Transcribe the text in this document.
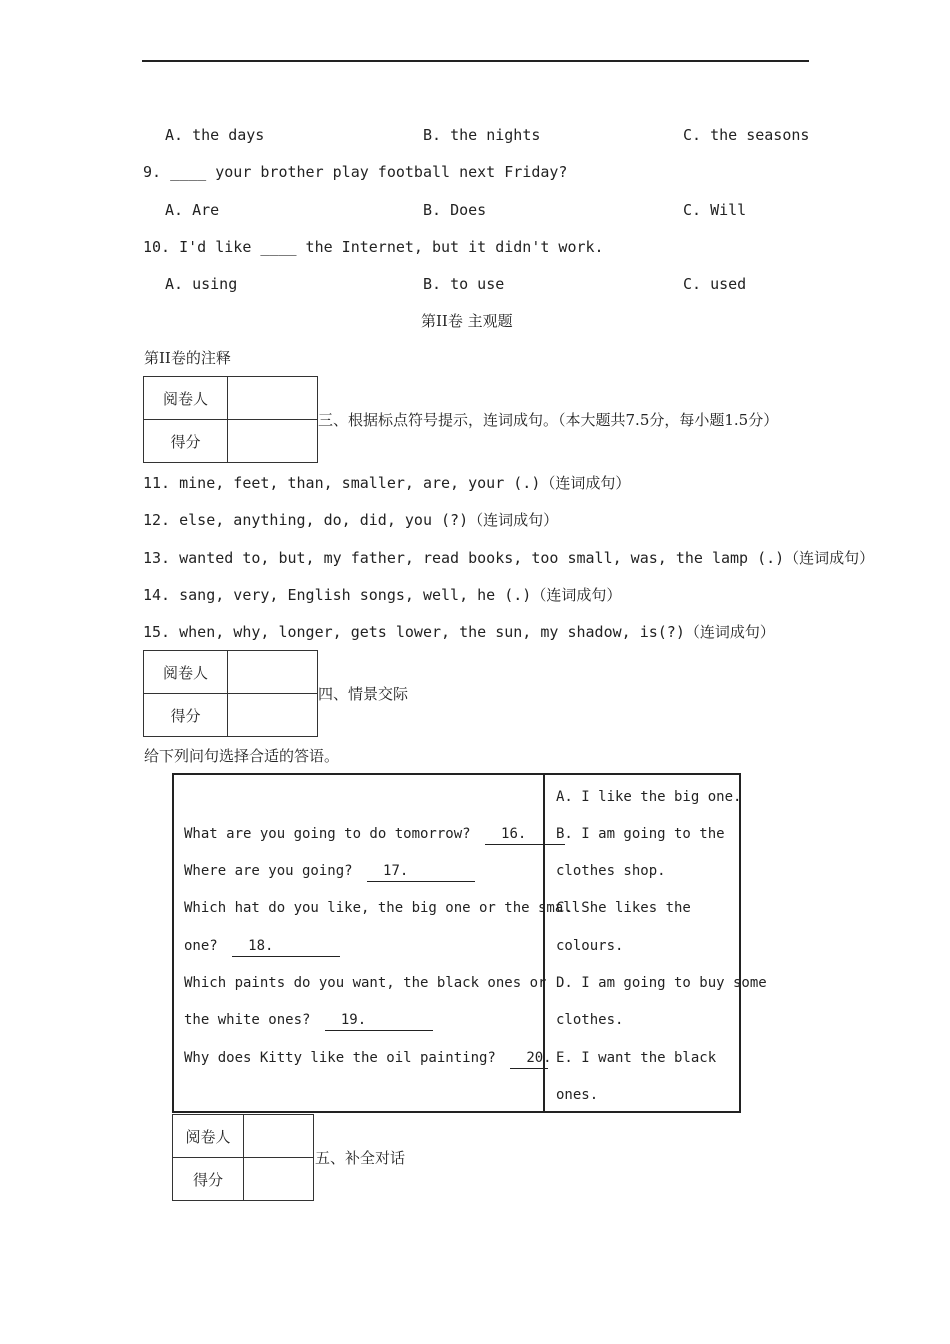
A. the days	B. the nights	C. the seasons
9. ____ your brother play football next Friday?
A. Are	B. Does	C. Will
10. I'd like ____ the Internet, but it didn't work.
A. using	B. to use	C. used
第II卷 主观题
第II卷的注释
阅卷人	
得分	
三、根据标点符号提示，连词成句。（本大题共7.5分，每小题1.5分）
11. mine, feet, than, smaller, are, your (.)（连词成句）
12. else, anything, do, did, you (?)（连词成句）
13. wanted to, but, my father, read books, too small, was, the lamp (.)（连词成句）
14. sang, very, English songs, well, he (.)（连词成句）
15. when, why, longer, gets lower, the sun, my shadow, is(?)（连词成句）
阅卷人	
得分	
四、情景交际
给下列问句选择合适的答语。
What are you going to do tomorrow? 16.
Where are you going? 17.
Which hat do you like, the big one or the small
one? 18.
Which paints do you want, the black ones or
the white ones? 19.
Why does Kitty like the oil painting? 20.
A. I like the big one.
B. I am going to the
clothes shop.
C. She likes the
colours.
D. I am going to buy some
clothes.
E. I want the black
ones.
阅卷人	
得分	
五、补全对话
